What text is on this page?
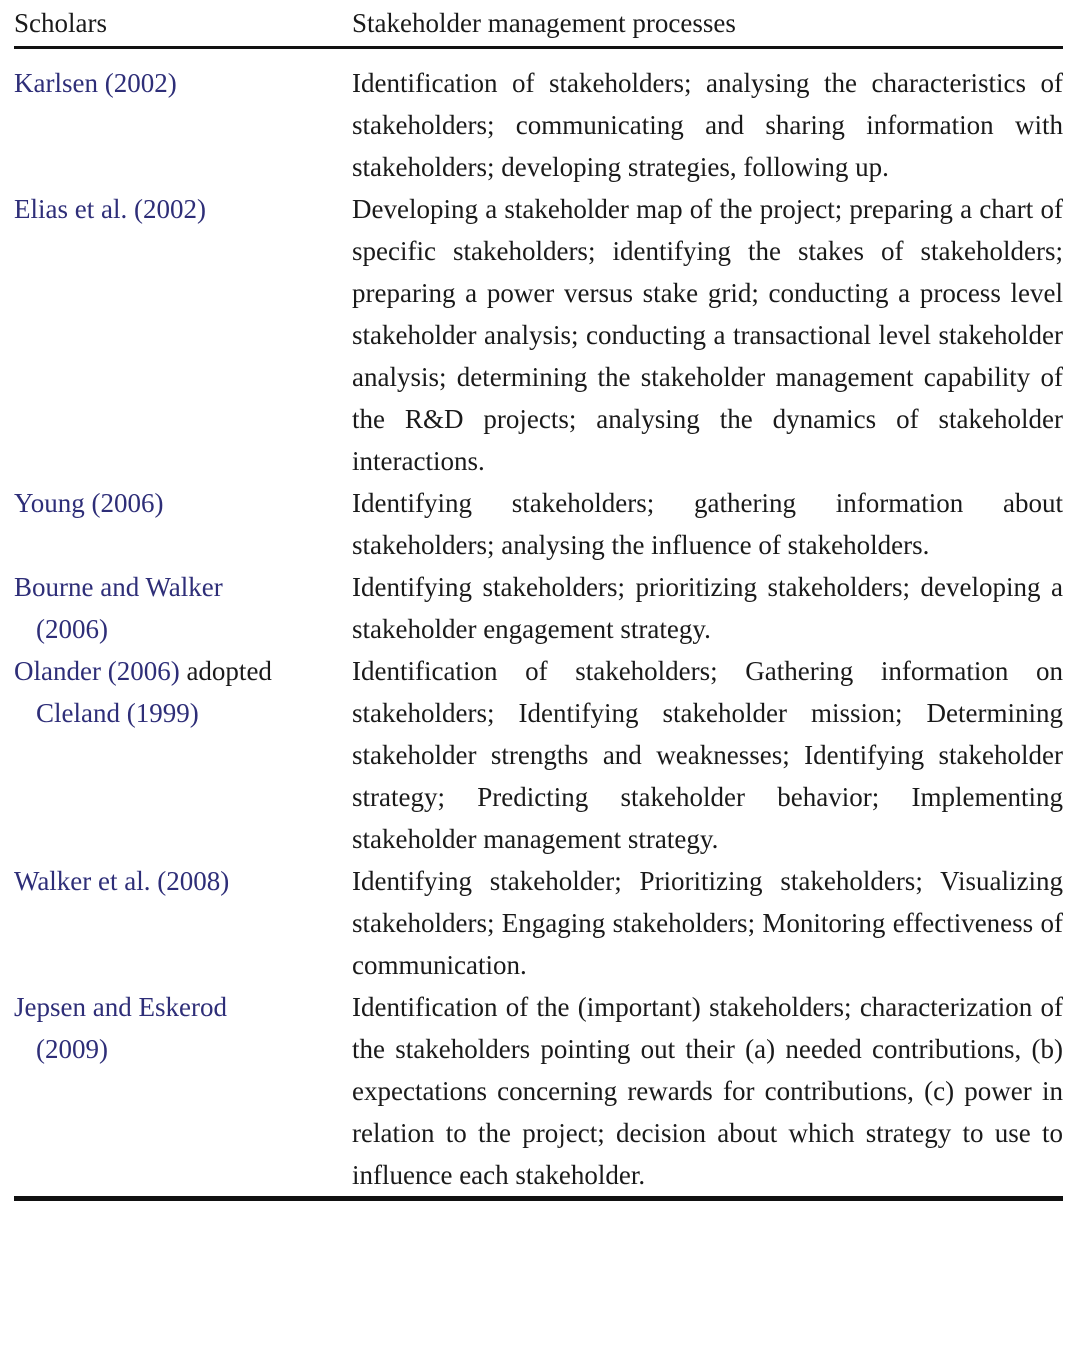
Scholars	Stakeholder management processes

Karlsen (2002)	Identification of stakeholders; analysing the characteristics of stakeholders; communicating and sharing information with stakeholders; developing strategies, following up.

Elias et al. (2002)	Developing a stakeholder map of the project; preparing a chart of specific stakeholders; identifying the stakes of stakeholders; preparing a power versus stake grid; conducting a process level stakeholder analysis; conducting a transactional level stakeholder analysis; determining the stakeholder management capability of the R&D projects; analysing the dynamics of stakeholder interactions.

Young (2006)	Identifying stakeholders; gathering information about stakeholders; analysing the influence of stakeholders.

Bourne and Walker
(2006)	Identifying stakeholders; prioritizing stakeholders; developing a stakeholder engagement strategy.

Olander (2006) adopted
Cleland (1999)	Identification of stakeholders; Gathering information on stakeholders; Identifying stakeholder mission; Determining stakeholder strengths and weaknesses; Identifying stakeholder strategy; Predicting stakeholder behavior; Implementing stakeholder management strategy.

Walker et al. (2008)	Identifying stakeholder; Prioritizing stakeholders; Visualizing stakeholders; Engaging stakeholders; Monitoring effectiveness of communication.

Jepsen and Eskerod
(2009)	Identification of the (important) stakeholders; characterization of the stakeholders pointing out their (a) needed contributions, (b) expectations concerning rewards for contributions, (c) power in relation to the project; decision about which strategy to use to influence each stakeholder.
